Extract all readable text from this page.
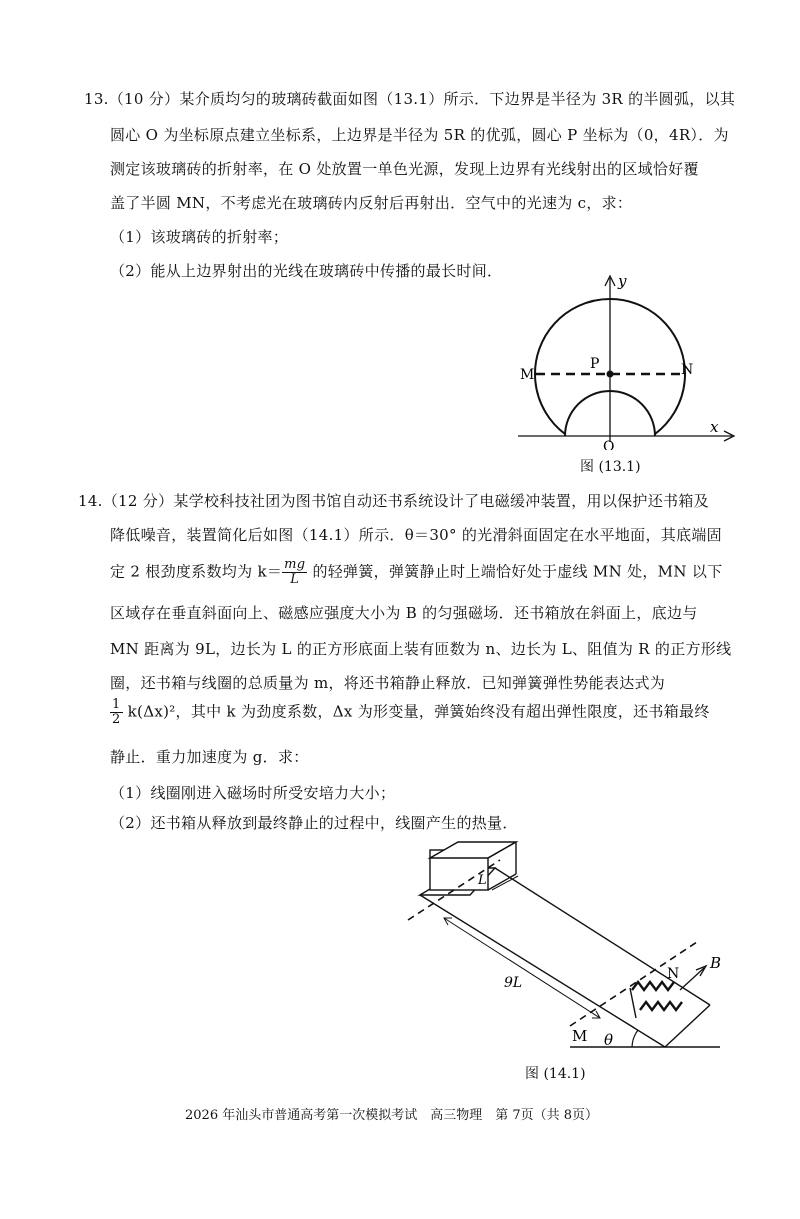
13.（10 分）某介质均匀的玻璃砖截面如图（13.1）所示．下边界是半径为 3R 的半圆弧，以其
圆心 O 为坐标原点建立坐标系，上边界是半径为 5R 的优弧，圆心 P 坐标为（0，4R）．为
测定该玻璃砖的折射率，在 O 处放置一单色光源，发现上边界有光线射出的区域恰好覆
盖了半圆 MN，不考虑光在玻璃砖内反射后再射出．空气中的光速为 c，求：
（1）该玻璃砖的折射率；
（2）能从上边界射出的光线在玻璃砖中传播的最长时间．
y
x
M	N
P
O
图 (13.1)
14.（12 分）某学校科技社团为图书馆自动还书系统设计了电磁缓冲装置，用以保护还书箱及
降低噪音，装置简化后如图（14.1）所示．θ＝30° 的光滑斜面固定在水平地面，其底端固
定 2 根劲度系数均为 $k= \frac{mg}{L}$ 的轻弹簧，弹簧静止时上端恰好处于虚线 MN 处，MN 以下
区域存在垂直斜面向上、磁感应强度大小为 B 的匀强磁场．还书箱放在斜面上，底边与
MN 距离为 9L，边长为 L 的正方形底面上装有匝数为 n、边长为 L、阻值为 R 的正方形线
圈，还书箱与线圈的总质量为 m，将还书箱静止释放．已知弹簧弹性势能表达式为
$\frac{1}{2} k(\Delta x)^2$，其中 k 为劲度系数，Δx 为形变量，弹簧始终没有超出弹性限度，还书箱最终
静止．重力加速度为 g．求：
（1）线圈刚进入磁场时所受安培力大小；
（2）还书箱从释放到最终静止的过程中，线圈产生的热量．
L
9L
N
B
M θ
图 (14.1)
2026 年汕头市普通高考第一次模拟考试　高三物理　第 7页（共 8页）
